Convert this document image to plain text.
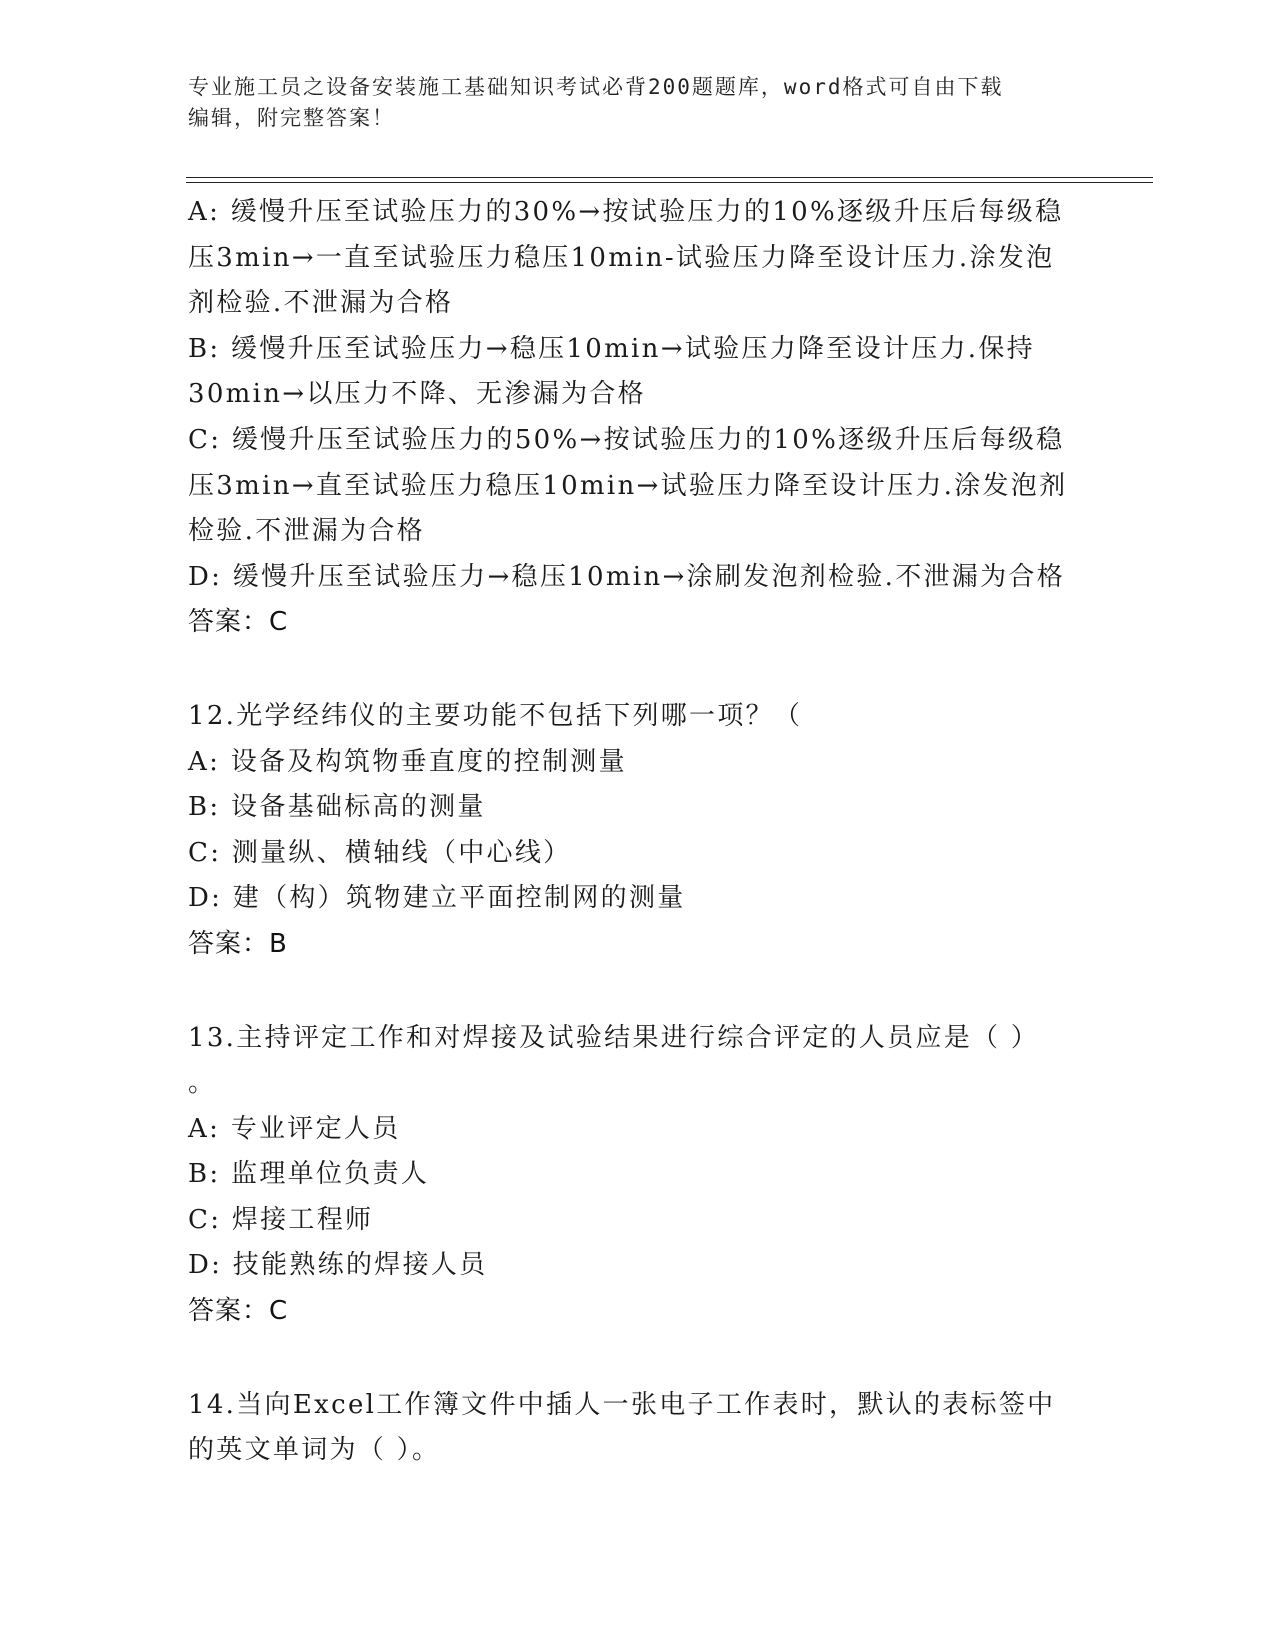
专业施工员之设备安装施工基础知识考试必背200题题库，word格式可自由下载
编辑，附完整答案！
A: 缓慢升压至试验压力的30%→按试验压力的10%逐级升压后每级稳
压3min→一直至试验压力稳压10min-试验压力降至设计压力.涂发泡
剂检验.不泄漏为合格
B: 缓慢升压至试验压力→稳压10min→试验压力降至设计压力.保持
30min→以压力不降、无渗漏为合格
C: 缓慢升压至试验压力的50%→按试验压力的10%逐级升压后每级稳
压3min→直至试验压力稳压10min→试验压力降至设计压力.涂发泡剂
检验.不泄漏为合格
D: 缓慢升压至试验压力→稳压10min→涂刷发泡剂检验.不泄漏为合格
答案：C
12.光学经纬仪的主要功能不包括下列哪一项？（
A: 设备及构筑物垂直度的控制测量
B: 设备基础标高的测量
C: 测量纵、横轴线（中心线）
D: 建（构）筑物建立平面控制网的测量
答案：B
13.主持评定工作和对焊接及试验结果进行综合评定的人员应是（ ）
。
A: 专业评定人员
B: 监理单位负责人
C: 焊接工程师
D: 技能熟练的焊接人员
答案：C
14.当向Excel工作簿文件中插人一张电子工作表时，默认的表标签中
的英文单词为（ ）。
